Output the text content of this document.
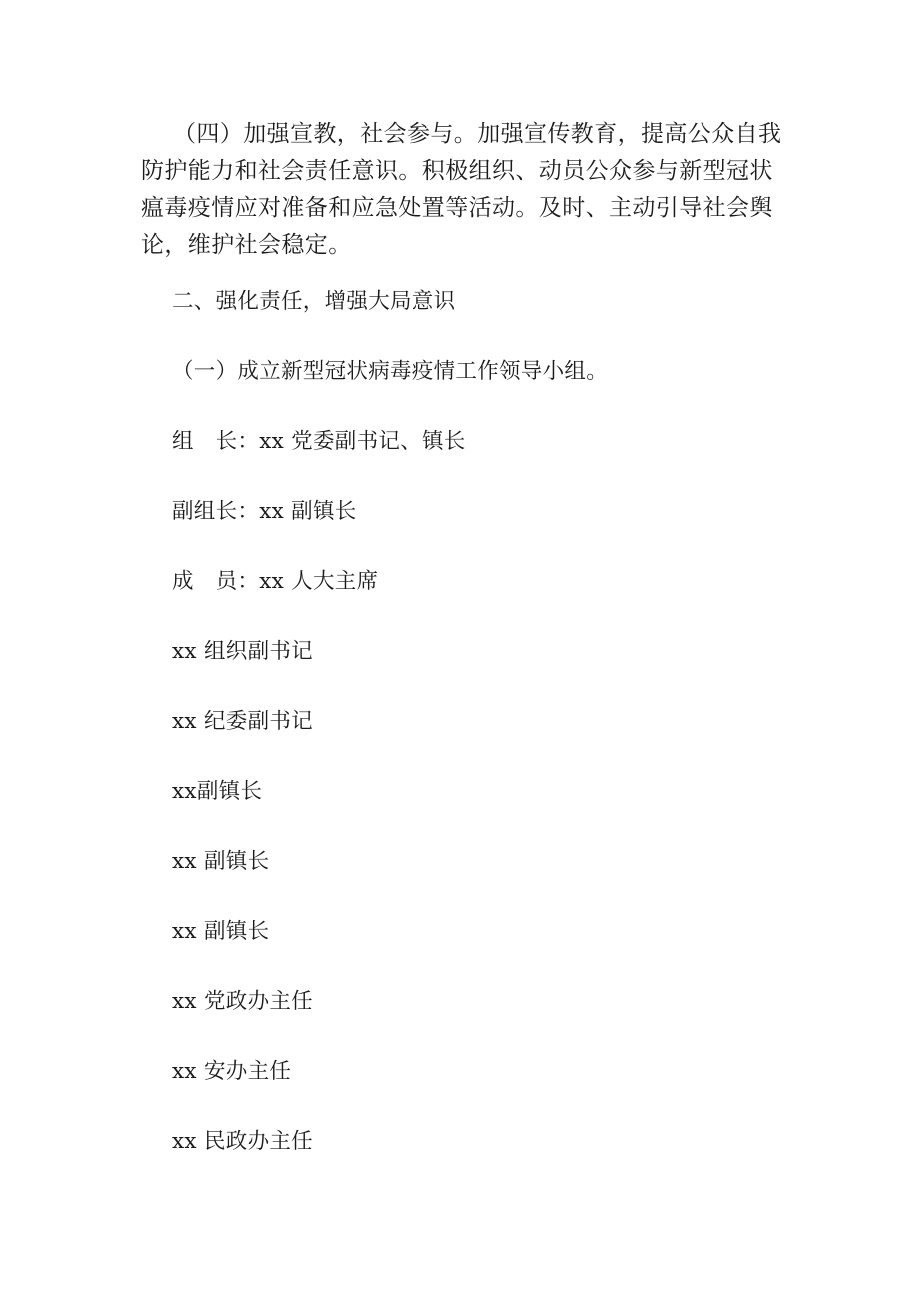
（四）加强宣教，社会参与。加强宣传教育，提高公众自我防护能力和社会责任意识。积极组织、动员公众参与新型冠状瘟毒疫情应对准备和应急处置等活动。及时、主动引导社会舆论，维护社会稳定。

二、强化责任，增强大局意识

（一）成立新型冠状病毒疫情工作领导小组。

组　长：xx 党委副书记、镇长

副组长：xx 副镇长

成　员：xx 人大主席

xx 组织副书记

xx 纪委副书记

xx副镇长

xx 副镇长

xx 副镇长

xx 党政办主任

xx 安办主任

xx 民政办主任
